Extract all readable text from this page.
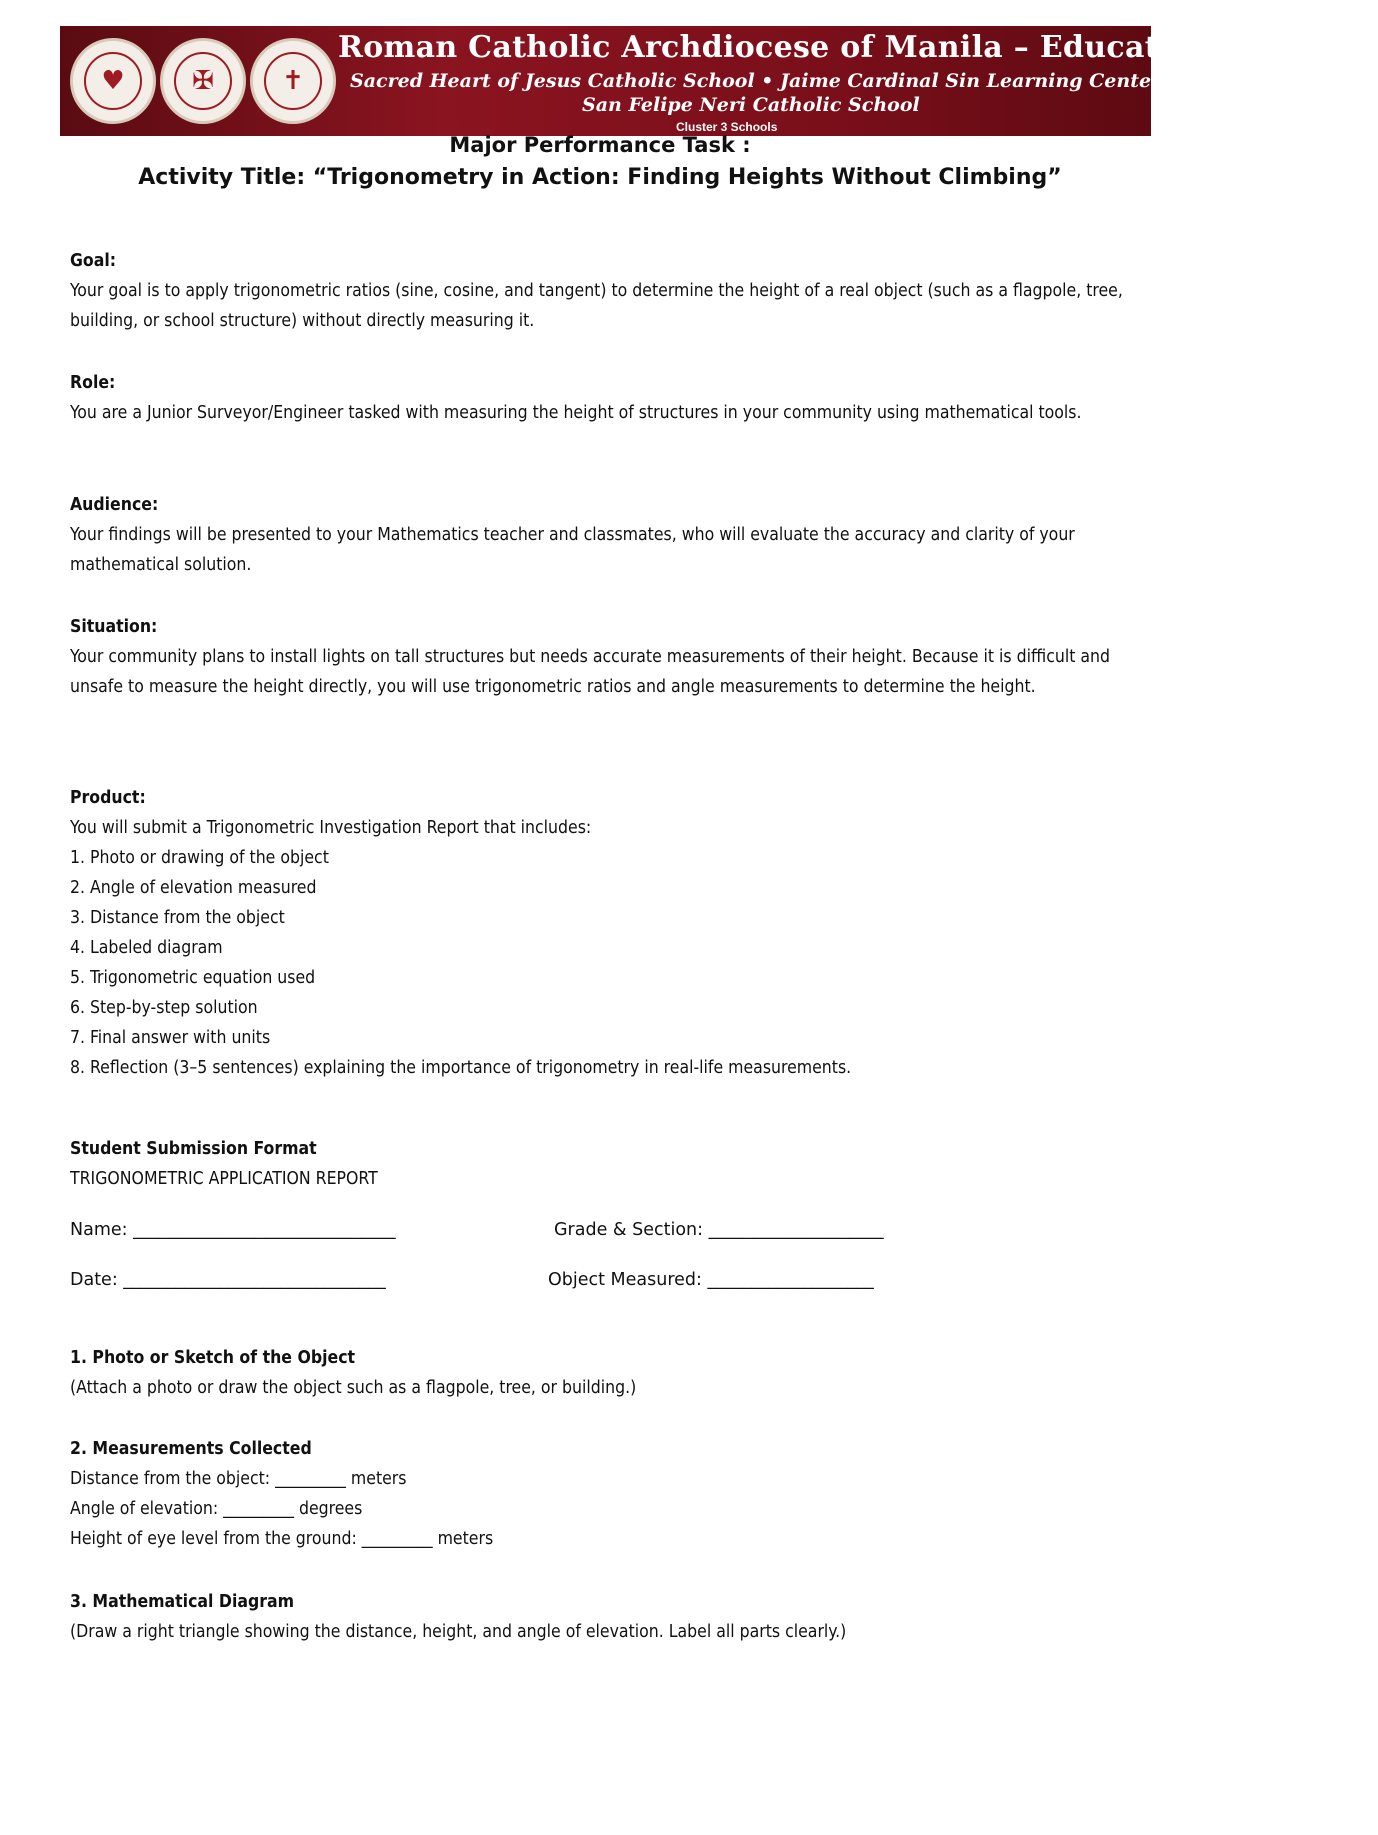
♥	✠	✝
Roman Catholic Archdiocese of Manila – Educational System
Sacred Heart of Jesus Catholic School • Jaime Cardinal Sin Learning Center
San Felipe Neri Catholic School
Cluster 3 Schools
Major Performance Task :
Activity Title: “Trigonometry in Action: Finding Heights Without Climbing”
Goal:
Your goal is to apply trigonometric ratios (sine, cosine, and tangent) to determine the height of a real object (such as a flagpole, tree, building, or school structure) without directly measuring it.
Role:
You are a Junior Surveyor/Engineer tasked with measuring the height of structures in your community using mathematical tools.
Audience:
Your findings will be presented to your Mathematics teacher and classmates, who will evaluate the accuracy and clarity of your mathematical solution.
Situation:
Your community plans to install lights on tall structures but needs accurate measurements of their height. Because it is difficult and unsafe to measure the height directly, you will use trigonometric ratios and angle measurements to determine the height.
Product:
You will submit a Trigonometric Investigation Report that includes:
1. Photo or drawing of the object
2. Angle of elevation measured
3. Distance from the object
4. Labeled diagram
5. Trigonometric equation used
6. Step-by-step solution
7. Final answer with units
8. Reflection (3–5 sentences) explaining the importance of trigonometry in real-life measurements.
Student Submission Format
TRIGONOMETRIC APPLICATION REPORT
Name: ______________________________	Grade & Section: ____________________
Date: ______________________________	Object Measured: ___________________
1. Photo or Sketch of the Object
(Attach a photo or draw the object such as a flagpole, tree, or building.)
2. Measurements Collected
Distance from the object: _________ meters
Angle of elevation: _________ degrees
Height of eye level from the ground: _________ meters
3. Mathematical Diagram
(Draw a right triangle showing the distance, height, and angle of elevation. Label all parts clearly.)
